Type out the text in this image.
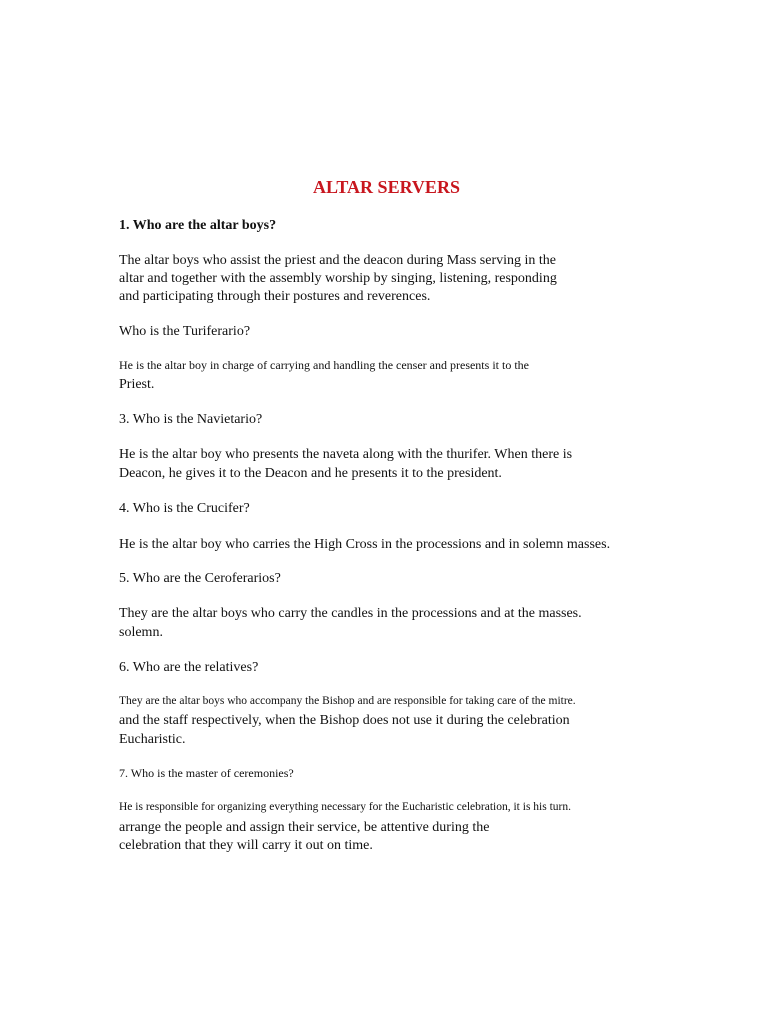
ALTAR SERVERS
1. Who are the altar boys?
The altar boys who assist the priest and the deacon during Mass serving in the
altar and together with the assembly worship by singing, listening, responding
and participating through their postures and reverences.
Who is the Turiferario?
He is the altar boy in charge of carrying and handling the censer and presents it to the
Priest.
3. Who is the Navietario?
He is the altar boy who presents the naveta along with the thurifer. When there is
Deacon, he gives it to the Deacon and he presents it to the president.
4. Who is the Crucifer?
He is the altar boy who carries the High Cross in the processions and in solemn masses.
5. Who are the Ceroferarios?
They are the altar boys who carry the candles in the processions and at the masses.
solemn.
6. Who are the relatives?
They are the altar boys who accompany the Bishop and are responsible for taking care of the mitre.
and the staff respectively, when the Bishop does not use it during the celebration
Eucharistic.
7. Who is the master of ceremonies?
He is responsible for organizing everything necessary for the Eucharistic celebration, it is his turn.
arrange the people and assign their service, be attentive during the
celebration that they will carry it out on time.
